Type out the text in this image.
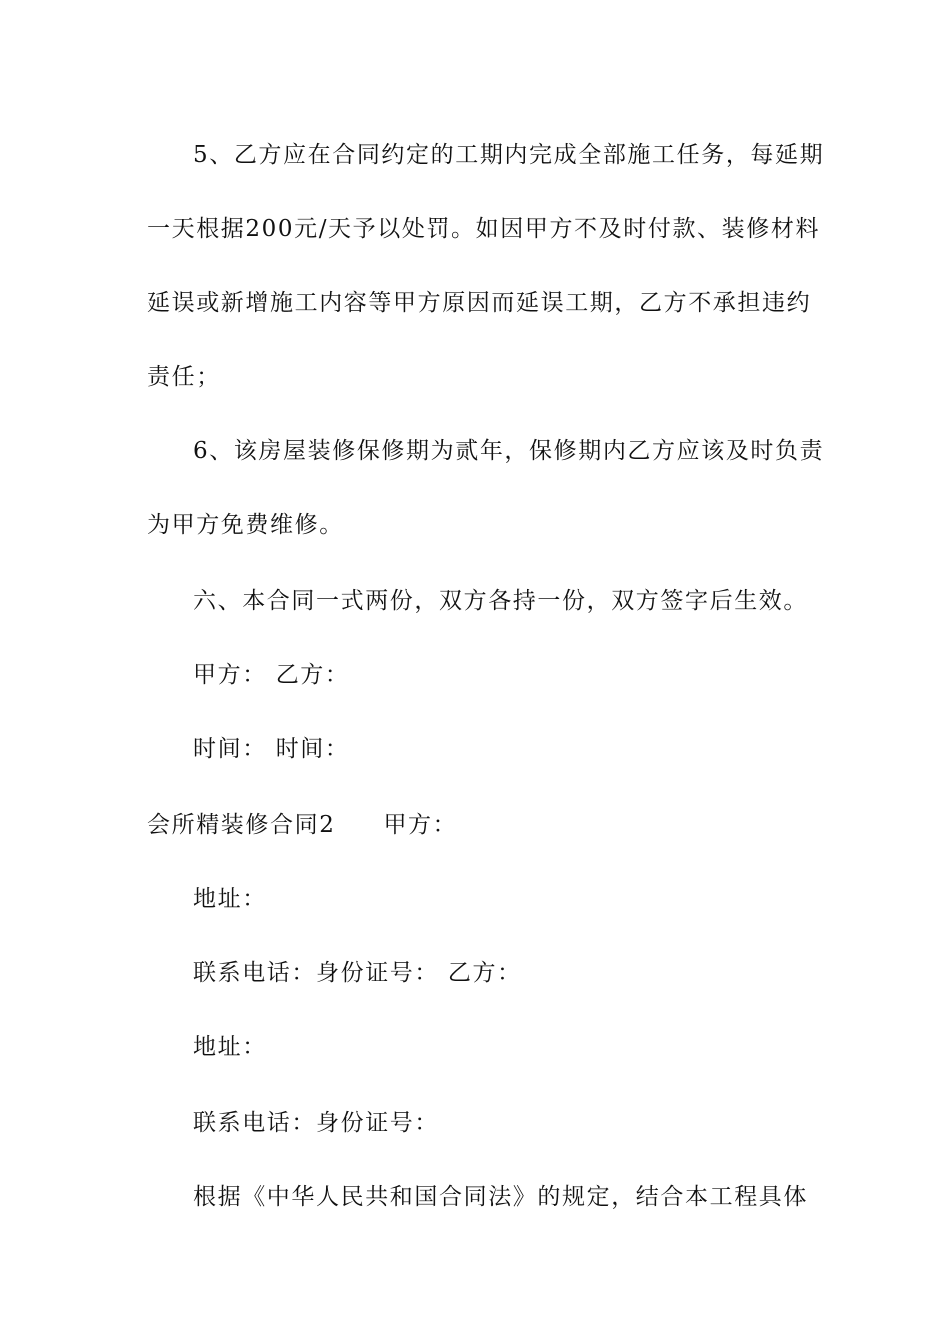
5、乙方应在合同约定的工期内完成全部施工任务，每延期
一天根据200元/天予以处罚。如因甲方不及时付款、装修材料
延误或新增施工内容等甲方原因而延误工期，乙方不承担违约
责任；
6、该房屋装修保修期为贰年，保修期内乙方应该及时负责
为甲方免费维修。
六、本合同一式两份，双方各持一份，双方签字后生效。
甲方： 乙方：
时间： 时间：
会所精装修合同2 甲方：
地址：
联系电话：身份证号： 乙方：
地址：
联系电话：身份证号：
根据《中华人民共和国合同法》的规定，结合本工程具体
